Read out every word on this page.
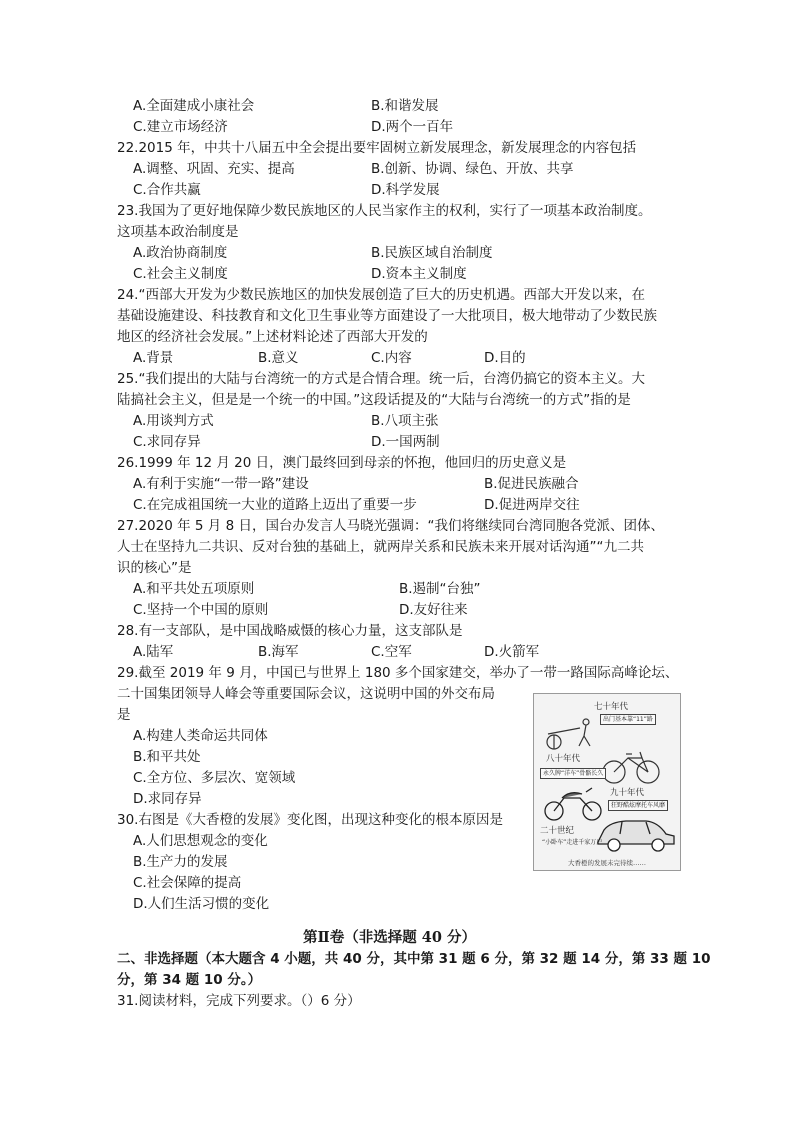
A.全面建成小康社会	B.和谐发展
C.建立市场经济	D.两个一百年
22.2015 年，中共十八届五中全会提出要牢固树立新发展理念，新发展理念的内容包括
A.调整、巩固、充实、提高	B.创新、协调、绿色、开放、共享
C.合作共赢	D.科学发展
23.我国为了更好地保障少数民族地区的人民当家作主的权利，实行了一项基本政治制度。
这项基本政治制度是
A.政治协商制度	B.民族区域自治制度
C.社会主义制度	D.资本主义制度
24.“西部大开发为少数民族地区的加快发展创造了巨大的历史机遇。西部大开发以来，在
基础设施建设、科技教育和文化卫生事业等方面建设了一大批项目，极大地带动了少数民族
地区的经济社会发展。”上述材料论述了西部大开发的
A.背景	B.意义	C.内容	D.目的
25.“我们提出的大陆与台湾统一的方式是合情合理。统一后，台湾仍搞它的资本主义。大
陆搞社会主义，但是是一个统一的中国。”这段话提及的“大陆与台湾统一的方式”指的是
A.用谈判方式	B.八项主张
C.求同存异	D.一国两制
26.1999 年 12 月 20 日，澳门最终回到母亲的怀抱，他回归的历史意义是
A.有利于实施“一带一路”建设	B.促进民族融合
C.在完成祖国统一大业的道路上迈出了重要一步	D.促进两岸交往
27.2020 年 5 月 8 日，国台办发言人马晓光强调：“我们将继续同台湾同胞各党派、团体、
人士在坚持九二共识、反对台独的基础上，就两岸关系和民族未来开展对话沟通”“九二共
识的核心”是
A.和平共处五项原则	B.遏制“台独”
C.坚持一个中国的原则	D.友好往来
28.有一支部队，是中国战略威慑的核心力量，这支部队是
A.陆军	B.海军	C.空军	D.火箭军
29.截至 2019 年 9 月，中国已与世界上 180 多个国家建交，举办了一带一路国际高峰论坛、
二十国集团领导人峰会等重要国际会议，这说明中国的外交布局
是
A.构建人类命运共同体
B.和平共处
C.全方位、多层次、宽领域
D.求同存异
30.右图是《大香橙的发展》变化图，出现这种变化的根本原因是
A.人们思想观念的变化
B.生产力的发展
C.社会保障的提高
D.人们生活习惯的变化
七十年代
出门基本靠“11”路
八十年代
永久牌“洋车”骨骼长久
九十年代
狂野酷炫摩托车风靡
二十世纪
“小卧车”走进千家万户
大香橙的发展未完待续……
第Ⅱ卷（非选择题 40 分）
二、非选择题（本大题含 4 小题，共 40 分，其中第 31 题 6 分，第 32 题 14 分，第 33 题 10
分，第 34 题 10 分。）
31.阅读材料，完成下列要求。（）6 分）
